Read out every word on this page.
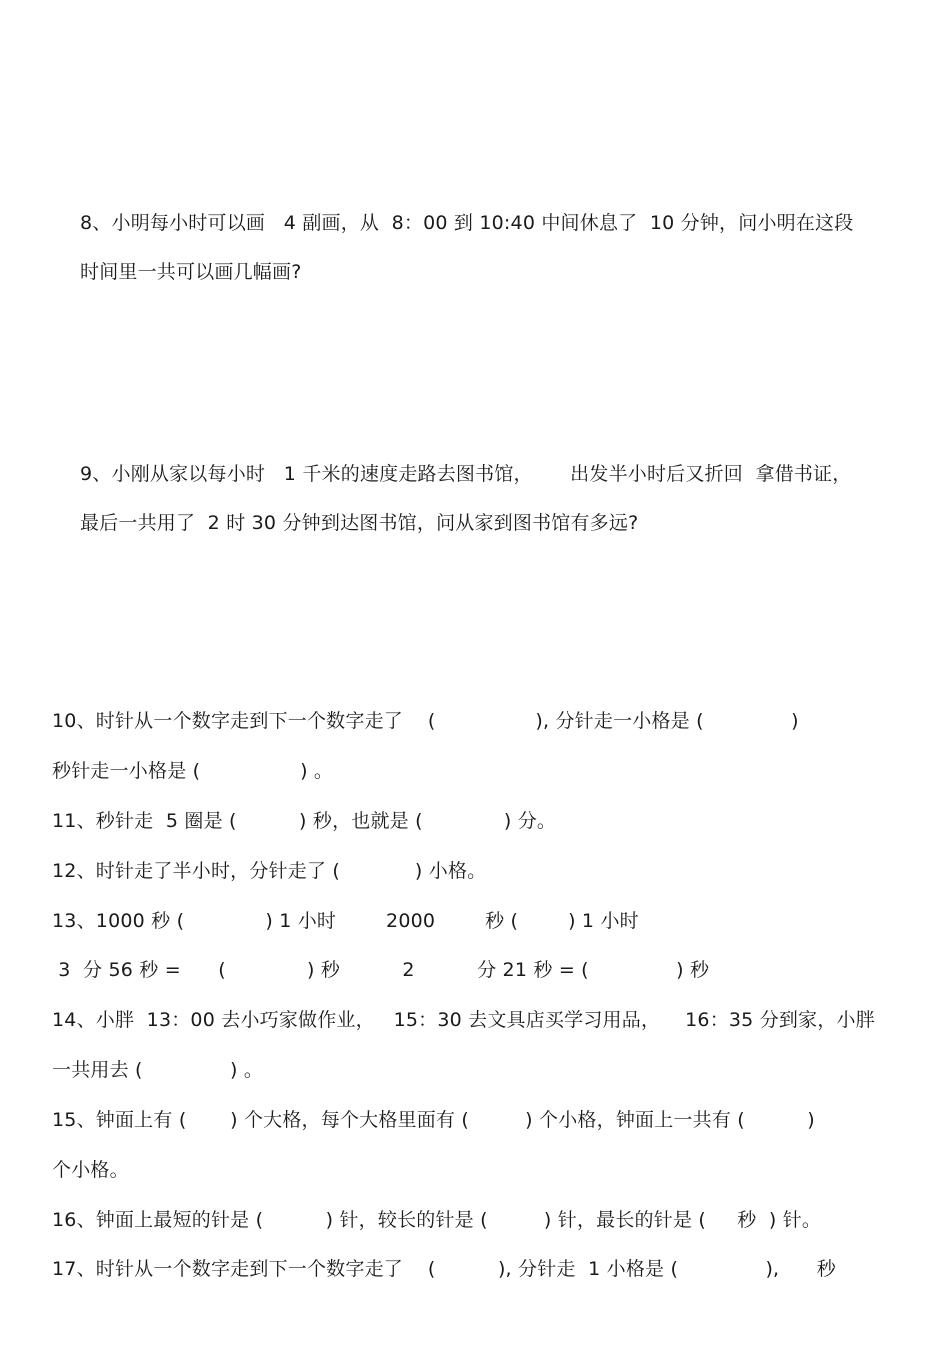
8、小明每小时可以画   4 副画，从  8：00 到 10:40 中间休息了  10 分钟，问小明在这段
时间里一共可以画几幅画?
9、小刚从家以每小时   1 千米的速度走路去图书馆，      出发半小时后又折回  拿借书证，
最后一共用了  2 时 30 分钟到达图书馆，问从家到图书馆有多远?
10、时针从一个数字走到下一个数字走了    (                ), 分针走一小格是 (              )
秒针走一小格是 (                ) 。
11、秒针走  5 圈是 (          ) 秒，也就是 (             ) 分。
12、时针走了半小时，分针走了 (            ) 小格。
13、1000 秒 (             ) 1 小时        2000        秒 (        ) 1 小时
3  分 56 秒 =      (             ) 秒          2          分 21 秒 = (              ) 秒
14、小胖  13：00 去小巧家做作业，   15：30 去文具店买学习用品，    16：35 分到家，小胖
一共用去 (              ) 。
15、钟面上有 (       ) 个大格，每个大格里面有 (         ) 个小格，钟面上一共有 (          )
个小格。
16、钟面上最短的针是 (          ) 针，较长的针是 (         ) 针，最长的针是 (     秒  ) 针。
17、时针从一个数字走到下一个数字走了    (          ), 分针走  1 小格是 (              ),      秒
